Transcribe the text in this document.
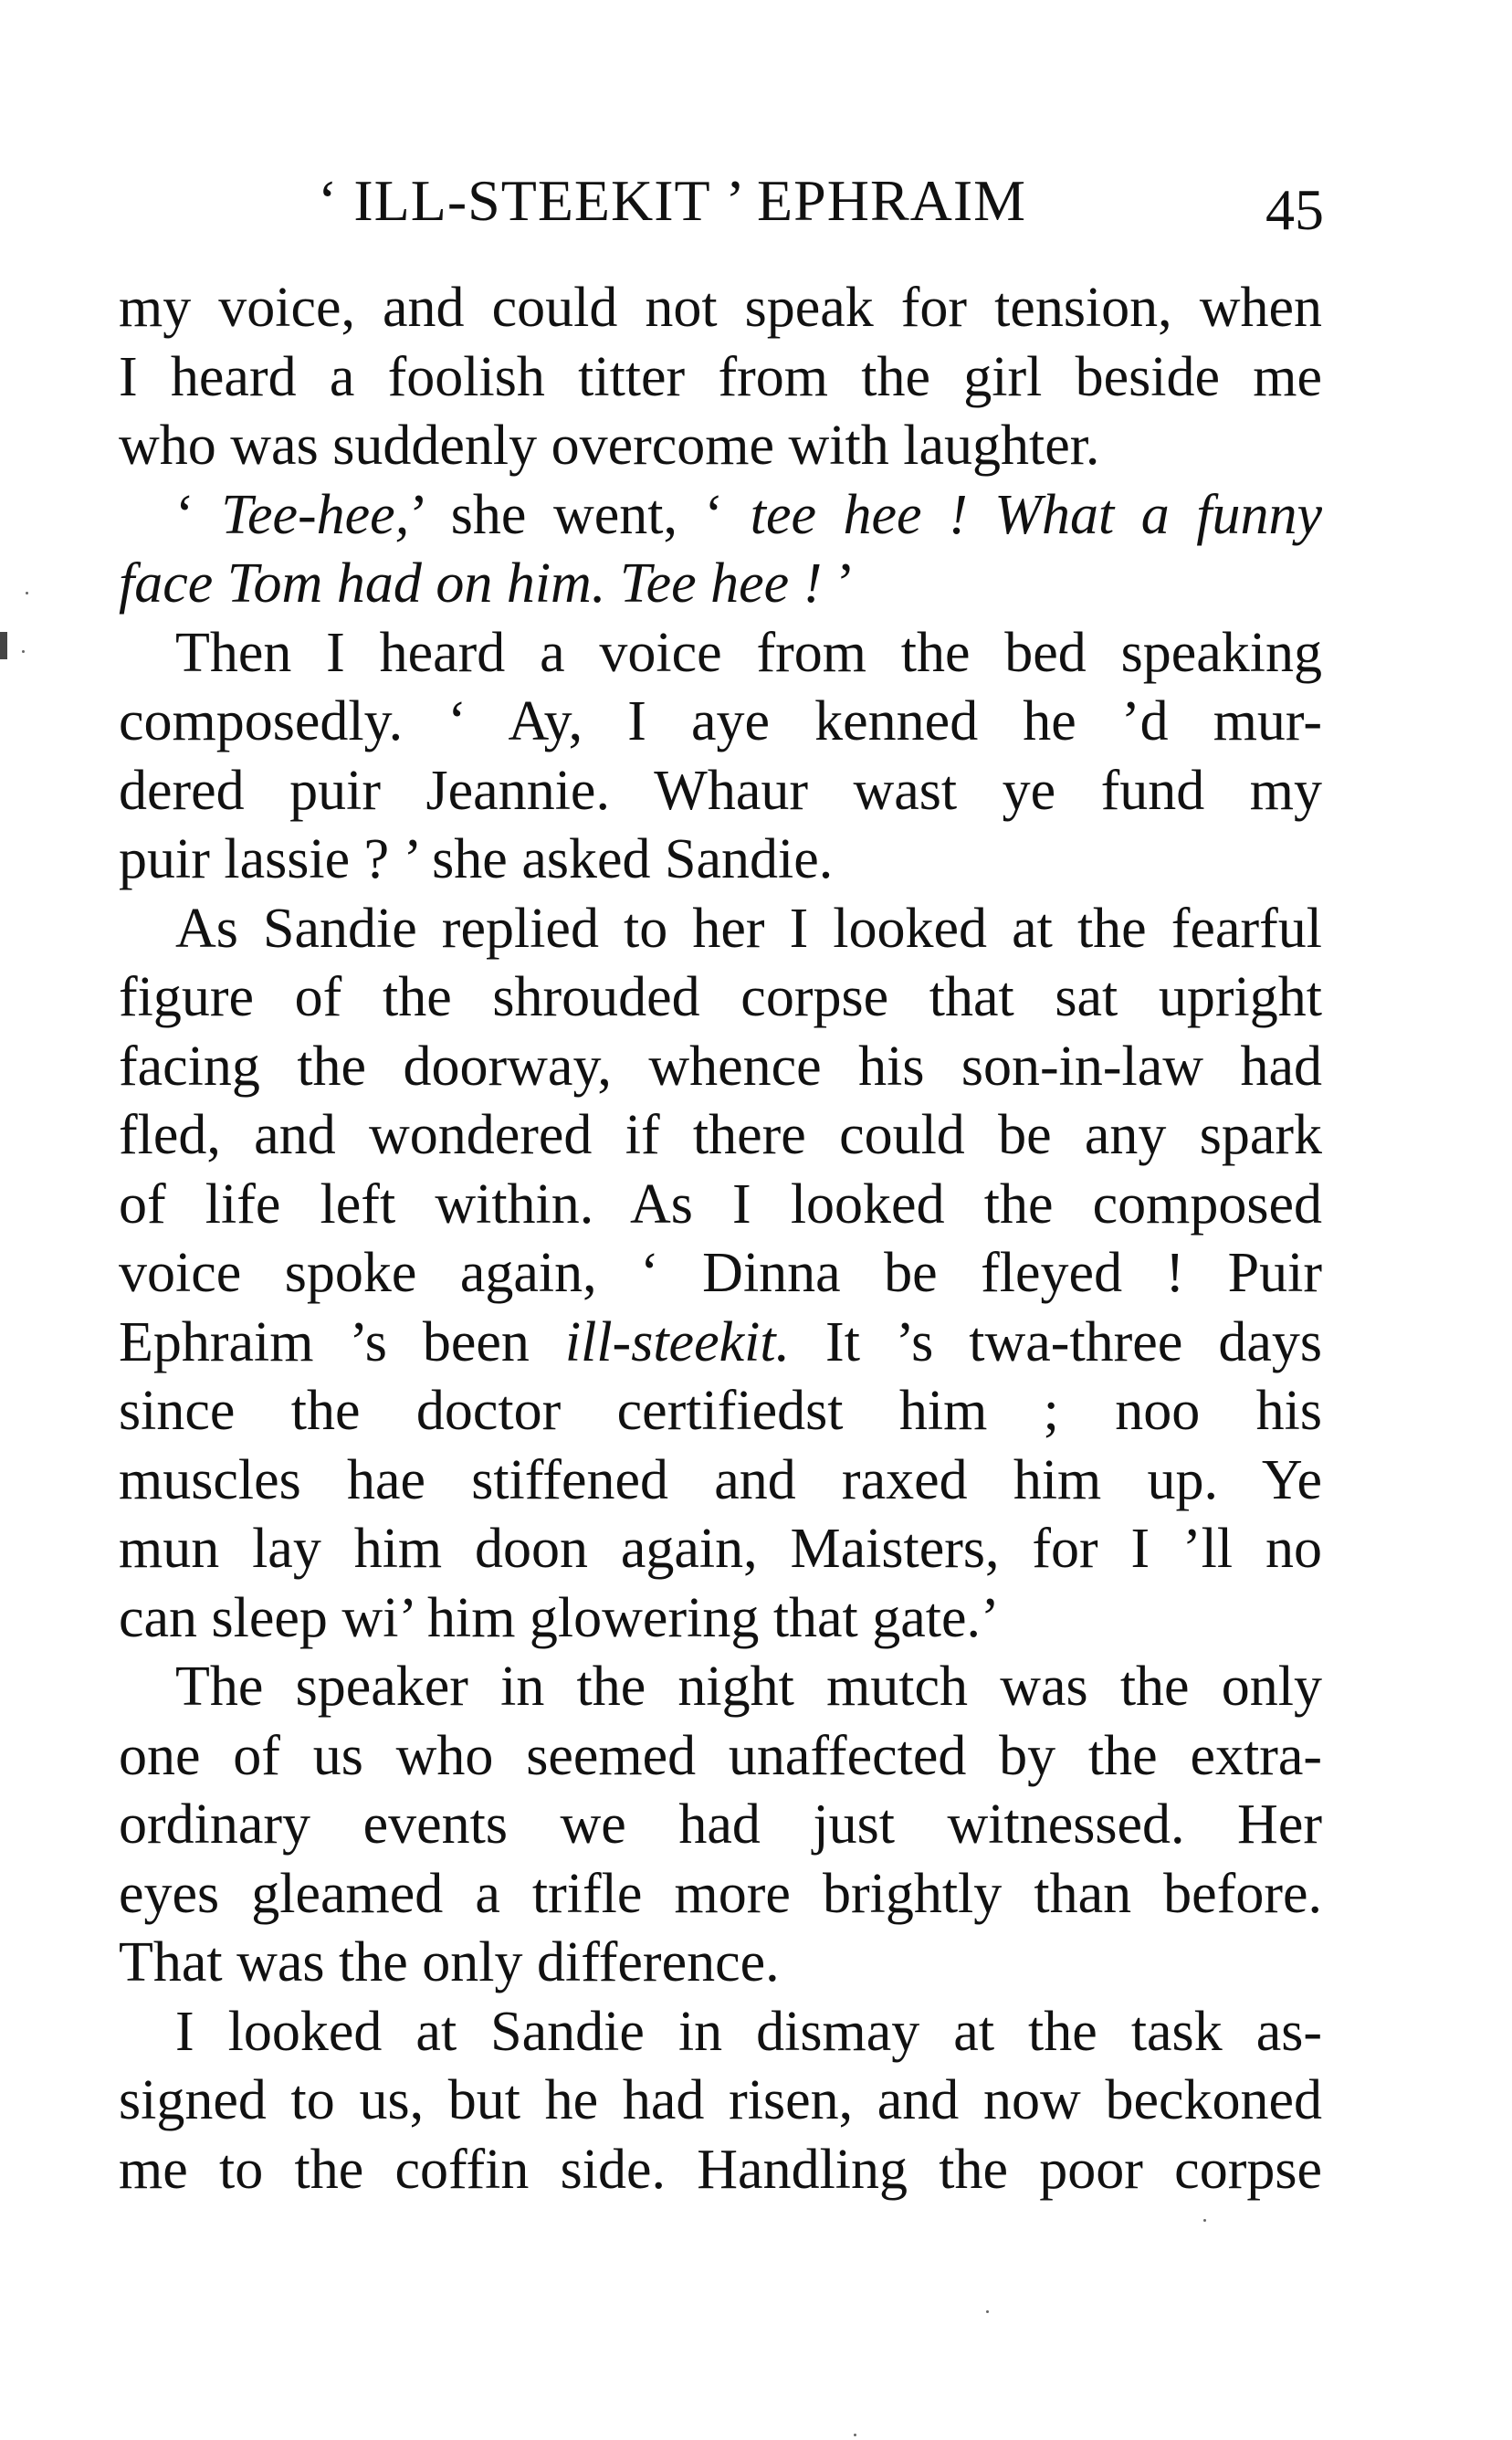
‘ ILL-STEEKIT ’ EPHRAIM	45
my voice, and could not speak for tension, when
I heard a foolish titter from the girl beside me
who was suddenly overcome with laughter.
‘ Tee-hee,’ she went, ‘ tee hee ! What a funny
face Tom had on him. Tee hee ! ’
Then I heard a voice from the bed speaking
composedly. ‘ Ay, I aye kenned he ’d mur-
dered puir Jeannie. Whaur wast ye fund my
puir lassie ? ’ she asked Sandie.
As Sandie replied to her I looked at the fearful
figure of the shrouded corpse that sat upright
facing the doorway, whence his son-in-law had
fled, and wondered if there could be any spark
of life left within. As I looked the composed
voice spoke again, ‘ Dinna be fleyed ! Puir
Ephraim ’s been ill-steekit. It ’s twa-three days
since the doctor certifiedst him ; noo his
muscles hae stiffened and raxed him up. Ye
mun lay him doon again, Maisters, for I ’ll no
can sleep wi’ him glowering that gate.’
The speaker in the night mutch was the only
one of us who seemed unaffected by the extra-
ordinary events we had just witnessed. Her
eyes gleamed a trifle more brightly than before.
That was the only difference.
I looked at Sandie in dismay at the task as-
signed to us, but he had risen, and now beckoned
me to the coffin side. Handling the poor corpse
